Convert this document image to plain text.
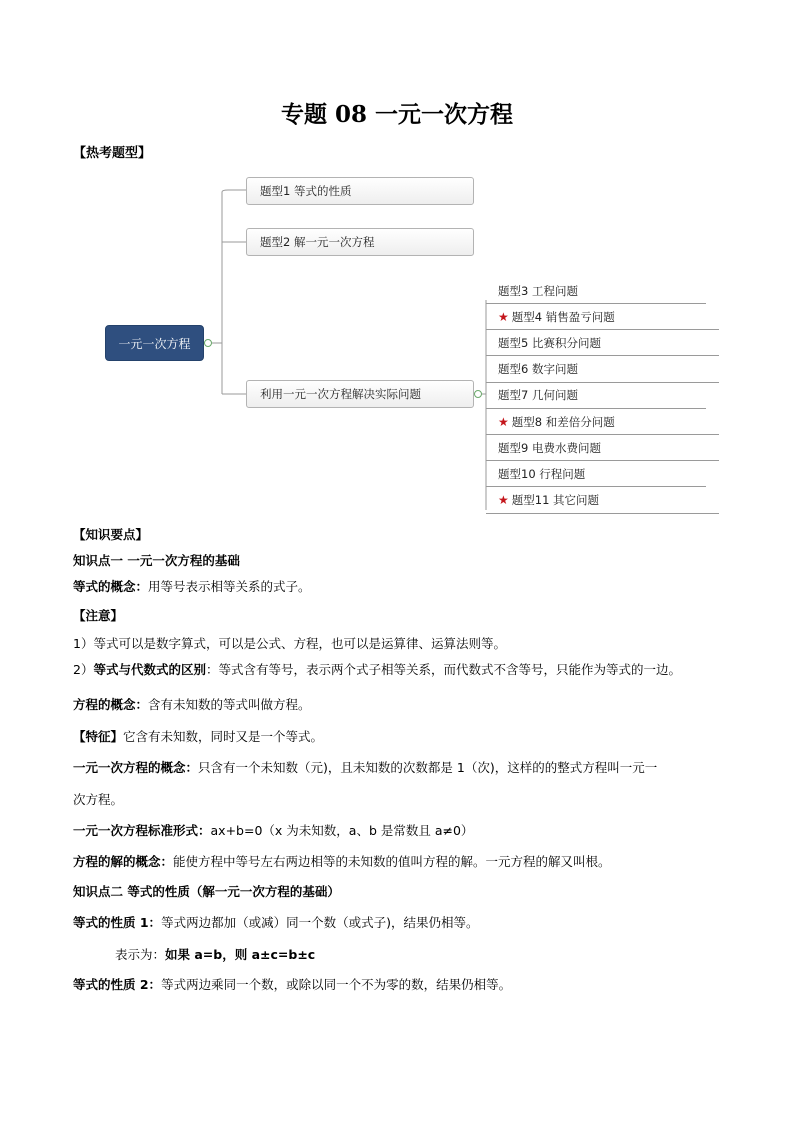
专题 08 一元一次方程
【热考题型】
一元一次方程
题型1 等式的性质
题型2 解一元一次方程
利用一元一次方程解决实际问题
题型3 工程问题
★ 题型4 销售盈亏问题
题型5 比赛积分问题
题型6 数字问题
题型7 几何问题
★ 题型8 和差倍分问题
题型9 电费水费问题
题型10 行程问题
★ 题型11 其它问题
【知识要点】
知识点一 一元一次方程的基础
等式的概念：用等号表示相等关系的式子。
【注意】
1）等式可以是数字算式，可以是公式、方程，也可以是运算律、运算法则等。
2）等式与代数式的区别：等式含有等号，表示两个式子相等关系，而代数式不含等号，只能作为等式的一边。
方程的概念：含有未知数的等式叫做方程。
【特征】它含有未知数，同时又是一个等式。
一元一次方程的概念：只含有一个未知数（元)，且未知数的次数都是 1（次)，这样的的整式方程叫一元一
次方程。
一元一次方程标准形式：ax+b=0（x 为未知数，a、b 是常数且 a≠0）
方程的解的概念：能使方程中等号左右两边相等的未知数的值叫方程的解。一元方程的解又叫根。
知识点二 等式的性质（解一元一次方程的基础）
等式的性质 1：等式两边都加（或减）同一个数（或式子)，结果仍相等。
表示为：如果 a=b，则 a±c=b±c
等式的性质 2：等式两边乘同一个数，或除以同一个不为零的数，结果仍相等。
